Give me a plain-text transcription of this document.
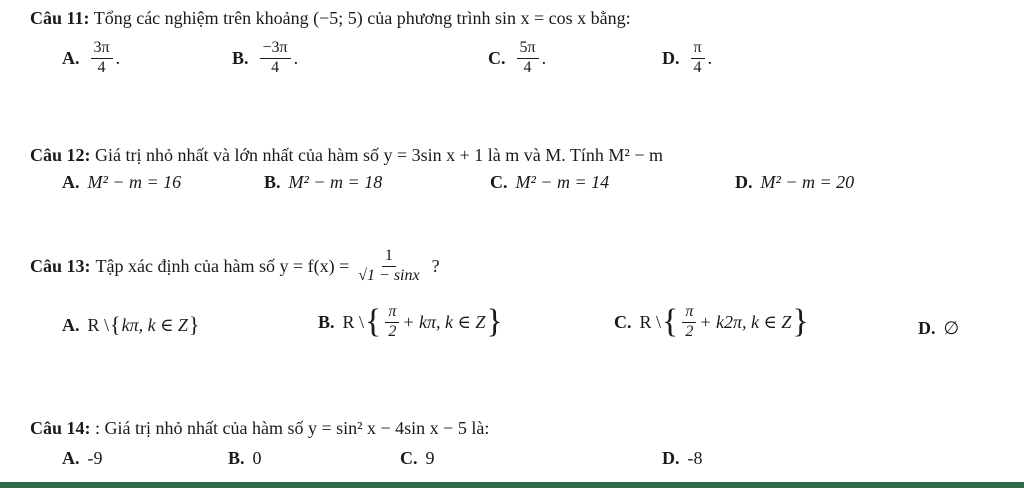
Câu 11: Tổng các nghiệm trên khoảng (−5; 5) của phương trình sin x = cos x bằng:
A. $\frac{3\pi}{4}$ .	B. $\frac{-3\pi}{4}$ .	C. $\frac{5\pi}{4}$ .	D. $\frac{\pi}{4}$ .
Câu 12: Giá trị nhỏ nhất và lớn nhất của hàm số y = 3sin x + 1 là m và M. Tính M² − m
A. M² − m = 16	B. M² − m = 18	C. M² − m = 14	D. M² − m = 20
Câu 13: Tập xác định của hàm số $y = f(x) = \frac{1}{√1 - \sin x}$ ?
A. R \ { kπ, k ∈ Z }	B. R \ { $\frac{\pi}{2} + k\pi$, k ∈ Z }	C. R \ { $\frac{\pi}{2} + k2\pi$, k ∈ Z }	D. ∅
Câu 14: : Giá trị nhỏ nhất của hàm số y = sin² x − 4sin x − 5 là:
A. -9	B. 0	C. 9	D. -8
